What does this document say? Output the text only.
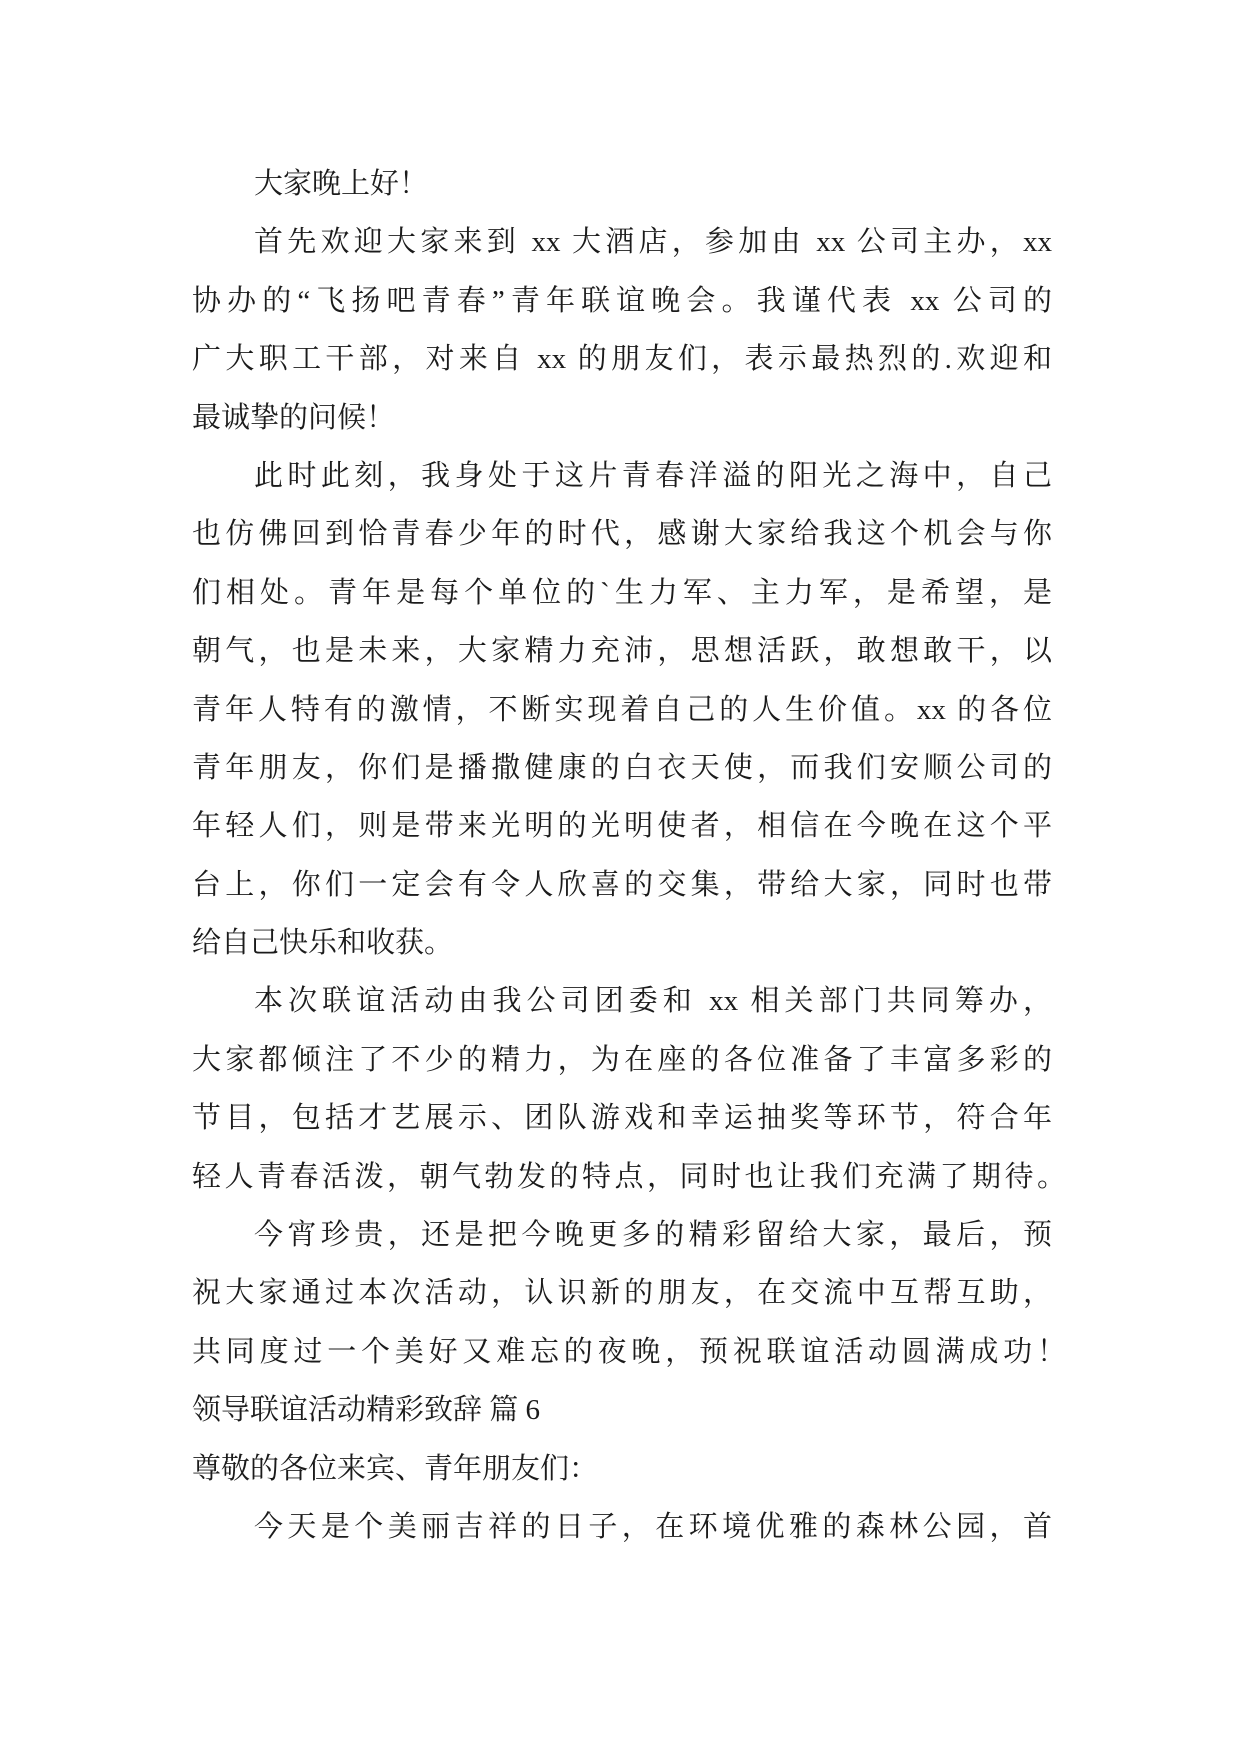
大家晚上好！
首先欢迎大家来到 xx 大酒店，参加由 xx 公司主办，xx
协办的“飞扬吧青春”青年联谊晚会。我谨代表 xx 公司的
广大职工干部，对来自 xx 的朋友们，表示最热烈的.欢迎和
最诚挚的问候！
此时此刻，我身处于这片青春洋溢的阳光之海中，自己
也仿佛回到恰青春少年的时代，感谢大家给我这个机会与你
们相处。青年是每个单位的`生力军、主力军，是希望，是
朝气，也是未来，大家精力充沛，思想活跃，敢想敢干，以
青年人特有的激情，不断实现着自己的人生价值。xx 的各位
青年朋友，你们是播撒健康的白衣天使，而我们安顺公司的
年轻人们，则是带来光明的光明使者，相信在今晚在这个平
台上，你们一定会有令人欣喜的交集，带给大家，同时也带
给自己快乐和收获。
本次联谊活动由我公司团委和 xx 相关部门共同筹办，
大家都倾注了不少的精力，为在座的各位准备了丰富多彩的
节目，包括才艺展示、团队游戏和幸运抽奖等环节，符合年
轻人青春活泼，朝气勃发的特点，同时也让我们充满了期待。
今宵珍贵，还是把今晚更多的精彩留给大家，最后，预
祝大家通过本次活动，认识新的朋友，在交流中互帮互助，
共同度过一个美好又难忘的夜晚，预祝联谊活动圆满成功！
领导联谊活动精彩致辞 篇 6
尊敬的各位来宾、青年朋友们：
今天是个美丽吉祥的日子，在环境优雅的森林公园，首
